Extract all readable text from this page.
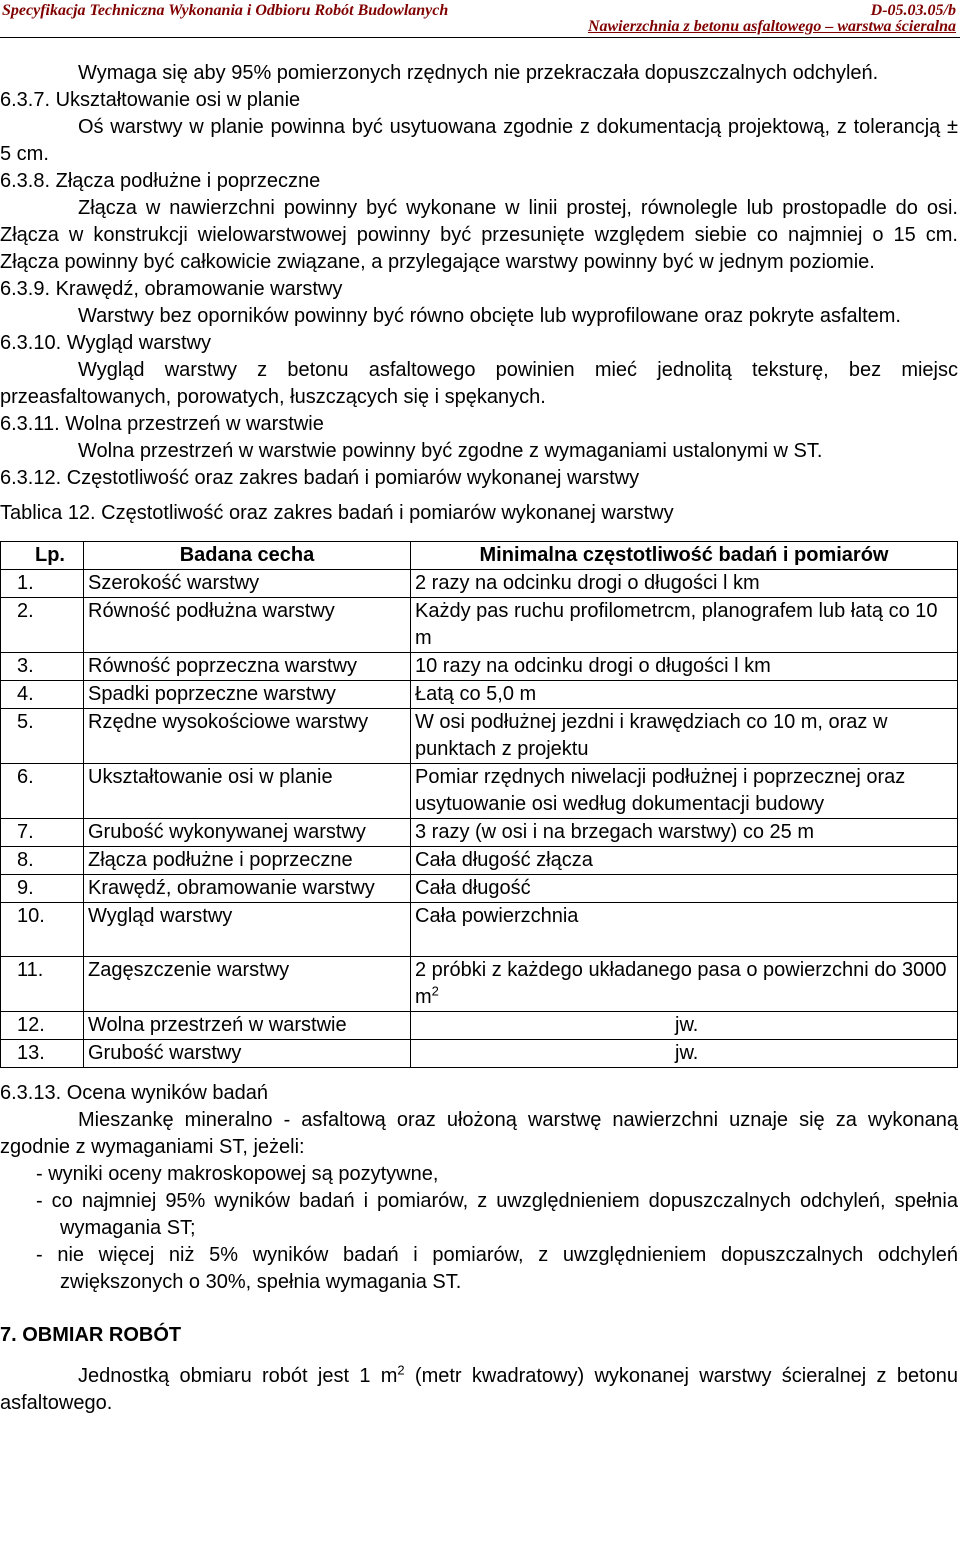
Specyfikacja Techniczna Wykonania i Odbioru Robót Budowlanych	D-05.03.05/b
Nawierzchnia z betonu asfaltowego – warstwa ścieralna

Wymaga się aby 95% pomierzonych rzędnych nie przekraczała dopuszczalnych odchyleń.

6.3.7. Ukształtowanie osi w planie

Oś warstwy w planie powinna być usytuowana zgodnie z dokumentacją projektową, z tolerancją ± 5 cm.

6.3.8. Złącza podłużne i poprzeczne

Złącza w nawierzchni powinny być wykonane w linii prostej, równolegle lub prostopadle do osi. Złącza w konstrukcji wielowarstwowej powinny być przesunięte względem siebie co najmniej o 15 cm. Złącza powinny być całkowicie związane, a przylegające warstwy powinny być w jednym poziomie.

6.3.9. Krawędź, obramowanie warstwy

Warstwy bez oporników powinny być równo obcięte lub wyprofilowane oraz pokryte asfaltem.

6.3.10. Wygląd warstwy

Wygląd warstwy z betonu asfaltowego powinien mieć jednolitą teksturę, bez miejsc przeasfaltowanych, porowatych, łuszczących się i spękanych.

6.3.11. Wolna przestrzeń w warstwie

Wolna przestrzeń w warstwie powinny być zgodne z wymaganiami ustalonymi w ST.

6.3.12. Częstotliwość oraz zakres badań i pomiarów wykonanej warstwy

Tablica 12. Częstotliwość oraz zakres badań i pomiarów wykonanej warstwy

Lp.	Badana cecha	Minimalna częstotliwość badań i pomiarów
1.	Szerokość warstwy	2 razy na odcinku drogi o długości l km
2.	Równość podłużna warstwy	Każdy pas ruchu profilometrcm, planografem lub łatą co 10 m
3.	Równość poprzeczna warstwy	10 razy na odcinku drogi o długości l km
4.	Spadki poprzeczne warstwy	Łatą co 5,0 m
5.	Rzędne wysokościowe warstwy	W osi podłużnej jezdni i krawędziach co 10 m, oraz w punktach z projektu
6.	Ukształtowanie osi w planie	Pomiar rzędnych niwelacji podłużnej i poprzecznej oraz usytuowanie osi według dokumentacji budowy
7.	Grubość wykonywanej warstwy	3 razy (w osi i na brzegach warstwy) co 25 m
8.	Złącza podłużne i poprzeczne	Cała długość złącza
9.	Krawędź, obramowanie warstwy	Cała długość
10.	Wygląd warstwy	Cała powierzchnia
11.	Zagęszczenie warstwy	2 próbki z każdego układanego pasa o powierzchni do 3000 $m^2$
12.	Wolna przestrzeń w warstwie	jw.
13.	Grubość warstwy	jw.

6.3.13. Ocena wyników badań

Mieszankę mineralno - asfaltową oraz ułożoną warstwę nawierzchni uznaje się za wykonaną zgodnie z wymaganiami ST, jeżeli:

- wyniki oceny makroskopowej są pozytywne,

- co najmniej 95% wyników badań i pomiarów, z uwzględnieniem dopuszczalnych odchyleń, spełnia wymagania ST;

- nie więcej niż 5% wyników badań i pomiarów, z uwzględnieniem dopuszczalnych odchyleń zwiększonych o 30%, spełnia wymagania ST.

7. OBMIAR ROBÓT

Jednostką obmiaru robót jest 1 $m^2$ (metr kwadratowy) wykonanej warstwy ścieralnej z betonu asfaltowego.
